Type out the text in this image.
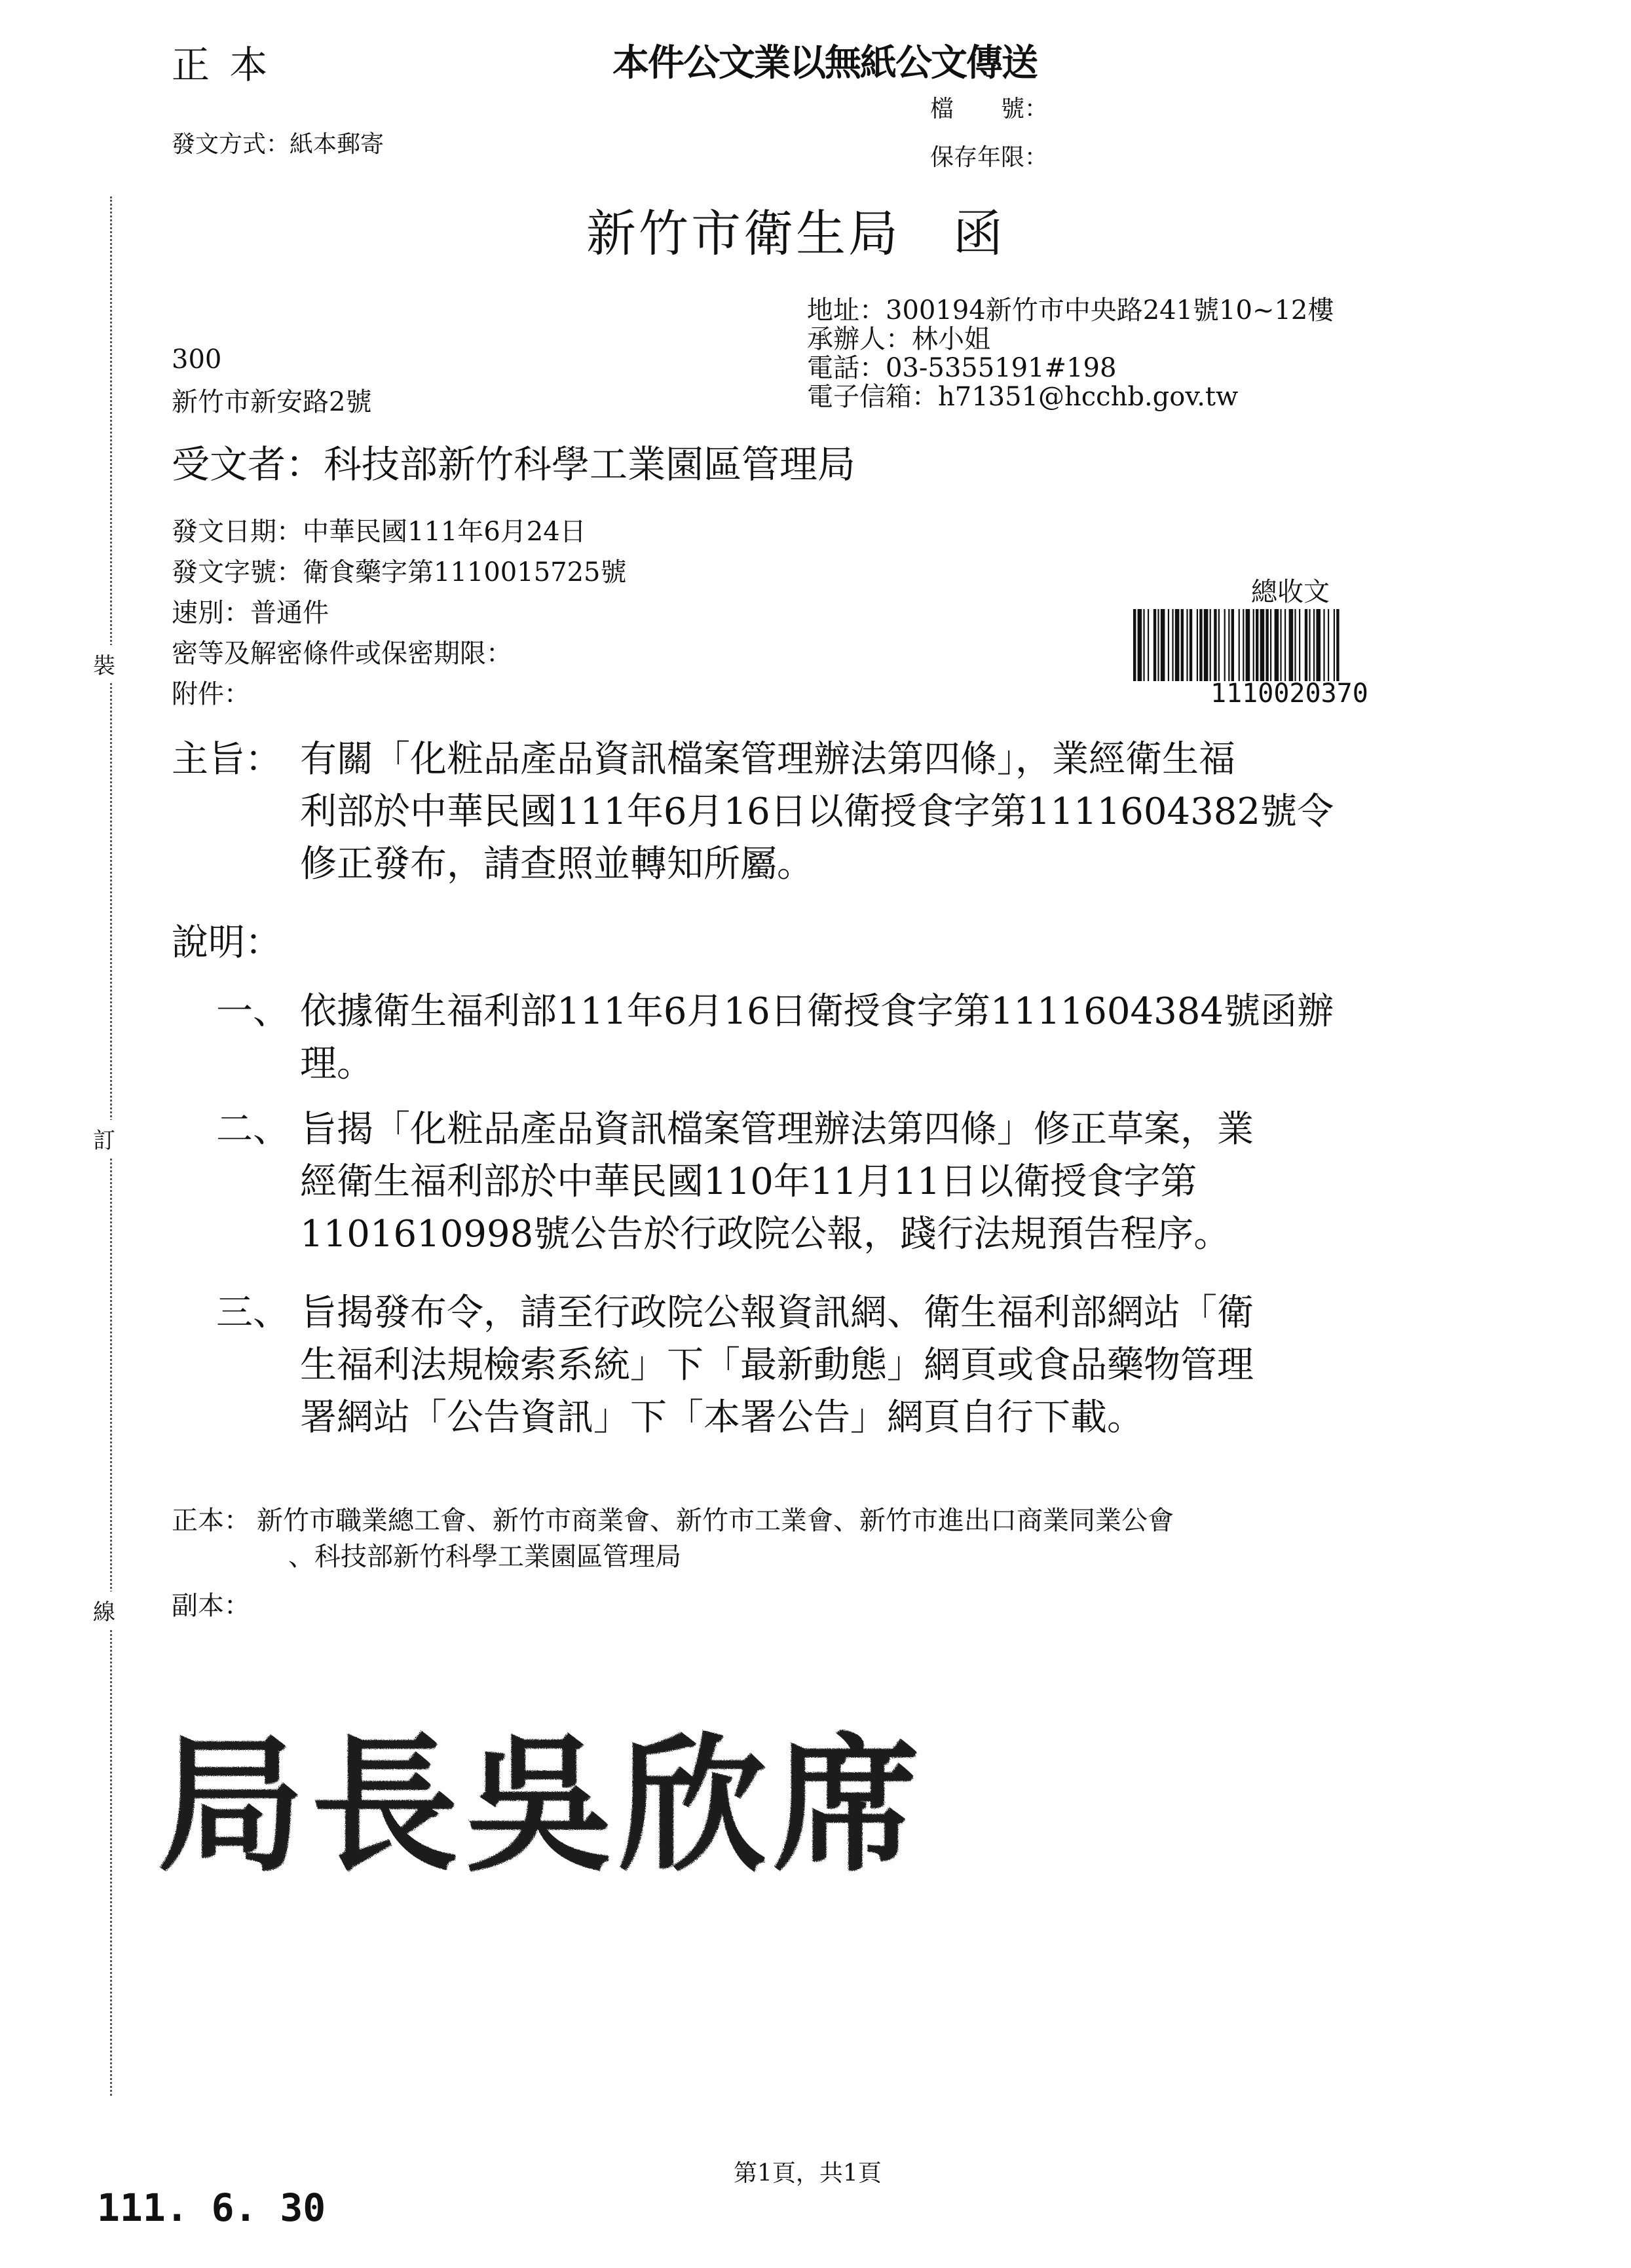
正 本	本件公文業以無紙公文傳送
檔　　號：
發文方式：紙本郵寄	保存年限：
新竹市衛生局　函
地址：300194新竹市中央路241號10~12樓
承辦人：林小姐
電話：03-5355191#198
電子信箱：h71351@hcchb.gov.tw
300
新竹市新安路2號
受文者：科技部新竹科學工業園區管理局
發文日期：中華民國111年6月24日
發文字號：衛食藥字第1110015725號
速別：普通件
密等及解密條件或保密期限：
附件：
總收文
1110020370
裝
訂
線
主旨： 有關「化粧品產品資訊檔案管理辦法第四條」，業經衛生福
利部於中華民國111年6月16日以衛授食字第1111604382號令
修正發布，請查照並轉知所屬。
說明：
一、 依據衛生福利部111年6月16日衛授食字第1111604384號函辦
理。
二、 旨揭「化粧品產品資訊檔案管理辦法第四條」修正草案，業
經衛生福利部於中華民國110年11月11日以衛授食字第
1101610998號公告於行政院公報，踐行法規預告程序。
三、 旨揭發布令，請至行政院公報資訊網、衛生福利部網站「衛
生福利法規檢索系統」下「最新動態」網頁或食品藥物管理
署網站「公告資訊」下「本署公告」網頁自行下載。
正本： 新竹市職業總工會、新竹市商業會、新竹市工業會、新竹市進出口商業同業公會
、科技部新竹科學工業園區管理局
副本：
局長吳欣席
第1頁，共1頁
111. 6. 30
